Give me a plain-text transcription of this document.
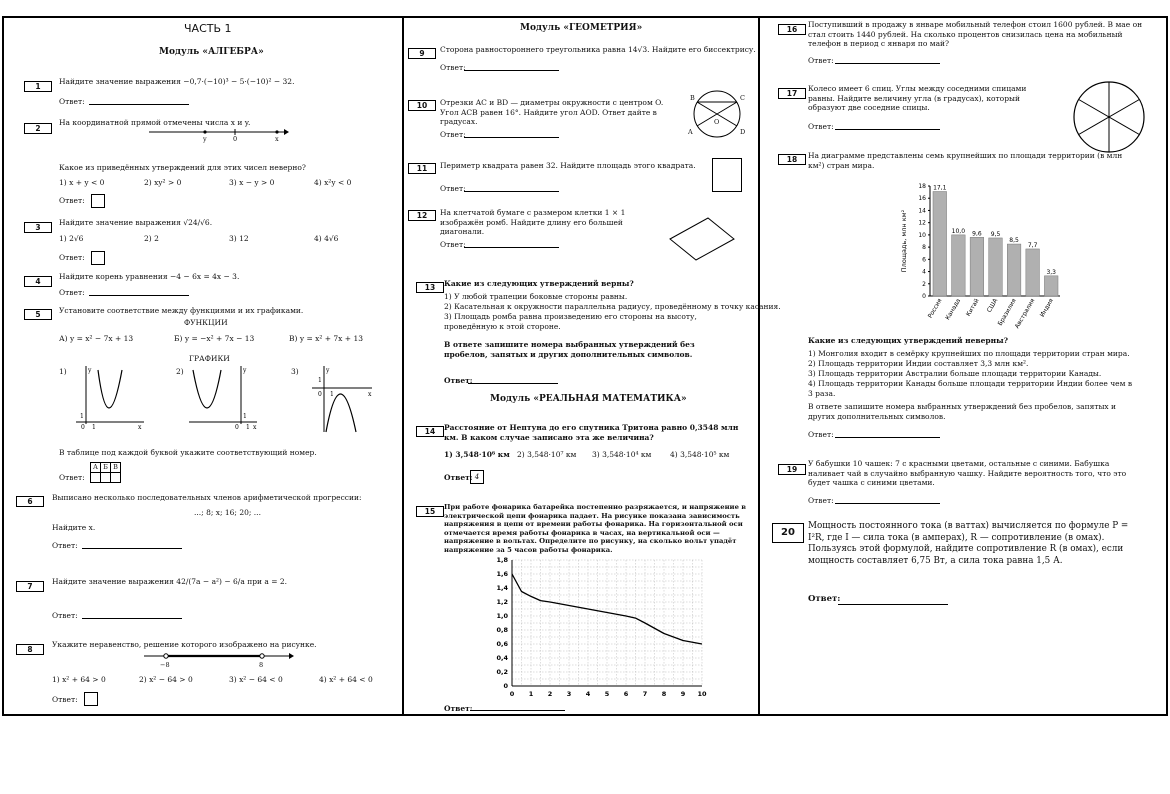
ЧАСТЬ 1
Модуль «АЛГЕБРА»
1
Найдите значение выражения −0,7·(−10)³ − 5·(−10)² − 32.
Ответ:
2
На координатной прямой отмечены числа x и y.
y	0	x
Какое из приведённых утверждений для этих чисел неверно?
1) x + y < 0	2) xy² > 0	3) x − y > 0	4) x²y < 0
Ответ:
3
Найдите значение выражения √24/√6.
1) 2√6	2) 2	3) 12	4) 4√6
Ответ:
4
Найдите корень уравнения −4 − 6x = 4x − 3.
Ответ:
5	Установите соответствие между функциями и их графиками.
ФУНКЦИИ
А) y = x² − 7x + 13	Б) y = −x² + 7x − 13	В) y = x² + 7x + 13
ГРАФИКИ
1)	2)	3)
y
x
0 1
1
y
x
0 1
1
y
x
0 1
1
В таблице под каждой буквой укажите соответствующий номер.
Ответ:
А Б В
6	Выписано несколько последовательных членов арифметической прогрессии:
...; 8; x; 16; 20; ...
Найдите x.
Ответ:
7
Найдите значение выражения 42/(7a − a²) − 6/a при a = 2.
Ответ:
8
Укажите неравенство, решение которого изображено на рисунке.
−8	8
1) x² + 64 > 0	2) x² − 64 > 0	3) x² − 64 < 0	4) x² + 64 < 0
Ответ:
Модуль «ГЕОМЕТРИЯ»
9	Сторона равностороннего треугольника равна 14√3. Найдите его биссектрису.
Ответ:
10	Отрезки AC и BD — диаметры окружности с центром O. Угол ACB равен 16°. Найдите угол AOD. Ответ дайте в градусах.
Ответ:
B	C
O
A	D
11	Периметр квадрата равен 32. Найдите площадь этого квадрата.
Ответ:
12	На клетчатой бумаге с размером клетки 1 × 1 изображён ромб. Найдите длину его большей диагонали.
Ответ:
13	Какие из следующих утверждений верны?
1) У любой трапеции боковые стороны равны.
2) Касательная к окружности параллельна радиусу, проведённому в точку касания.
3) Площадь ромба равна произведению его стороны на высоту, проведённую к этой стороне.
В ответе запишите номера выбранных утверждений без пробелов, запятых и других дополнительных символов.
Ответ:
Модуль «РЕАЛЬНАЯ МАТЕМАТИКА»
14	Расстояние от Нептуна до его спутника Тритона равно 0,3548 млн км. В каком случае записано эта же величина?
1) 3,548·10⁶ км 2) 3,548·10⁷ км 3) 3,548·10⁴ км 4) 3,548·10⁵ км
Ответ: 4
15	При работе фонарика батарейка постепенно разряжается, и напряжение в электрической цепи фонарика падает. На рисунке показана зависимость напряжения в цепи от времени работы фонарика. На горизонтальной оси отмечается время работы фонарика в часах, на вертикальной оси — напряжение в вольтах. Определите по рисунку, на сколько вольт упадёт напряжение за 5 часов работы фонарика.
0
0,2
0,4
0,6
0,8
1,0
1,2
1,4
1,6
1,8
0 1 2 3 4 5 6 7 8 9 10
Ответ:
16
Поступивший в продажу в январе мобильный телефон стоил 1600 рублей. В мае он стал стоить 1440 рублей. На сколько процентов снизилась цена на мобильный телефон в период с января по май?
Ответ:
17
Колесо имеет 6 спиц. Углы между соседними спицами равны. Найдите величину угла (в градусах), который образуют две соседние спицы.
Ответ:
18	На диаграмме представлены семь крупнейших по площади территории (в млн км²) стран мира.
0
2
4
6
8
10
12
14
16
18
Площадь, млн км²
17,1
Россия
10,0
Канада
9,6
Китай
9,5
США
8,5
Бразилия
7,7
Австралия
3,3
Индия
Какие из следующих утверждений неверны?
1) Монголия входит в семёрку крупнейших по площади территории стран мира.
2) Площадь территории Индии составляет 3,3 млн км².
3) Площадь территории Австралии больше площади территории Канады.
4) Площадь территории Канады больше площади территории Индии более чем в 3 раза.
В ответе запишите номера выбранных утверждений без пробелов, запятых и других дополнительных символов.
Ответ:
19
У бабушки 10 чашек: 7 с красными цветами, остальные с синими. Бабушка наливает чай в случайно выбранную чашку. Найдите вероятность того, что это будет чашка с синими цветами.
Ответ:
20
Мощность постоянного тока (в ваттах) вычисляется по формуле P = I²R, где I — сила тока (в амперах), R — сопротивление (в омах). Пользуясь этой формулой, найдите сопротивление R (в омах), если мощность составляет 6,75 Вт, а сила тока равна 1,5 А.
Ответ:
